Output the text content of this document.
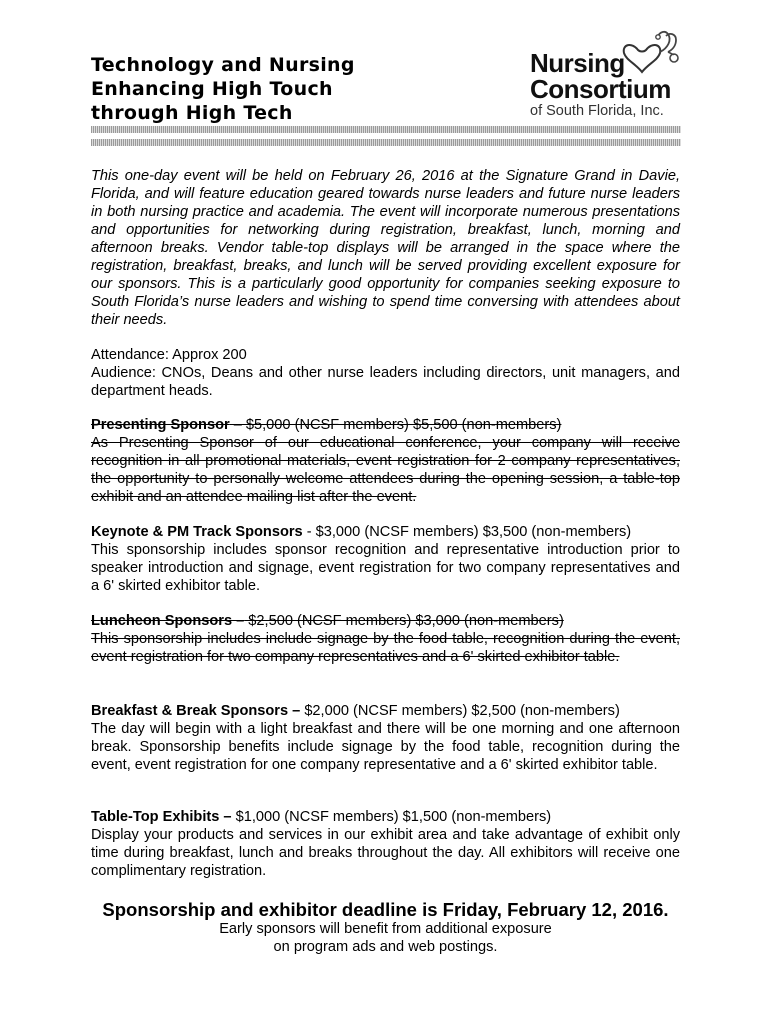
Technology and Nursing
Enhancing High Touch
through High Tech
Nursing
Consortium
of South Florida, Inc.

This one-day event will be held on February 26, 2016 at the Signature Grand in Davie, Florida, and will feature education geared towards nurse leaders and future nurse leaders in both nursing practice and academia. The event will incorporate numerous presentations and opportunities for networking during registration, breakfast, lunch, morning and afternoon breaks. Vendor table-top displays will be arranged in the space where the registration, breakfast, breaks, and lunch will be served providing excellent exposure for our sponsors. This is a particularly good opportunity for companies seeking exposure to South Florida’s nurse leaders and wishing to spend time conversing with attendees about their needs.

Attendance: Approx 200
Audience: CNOs, Deans and other nurse leaders including directors, unit managers, and department heads.

Presenting Sponsor – $5,000 (NCSF members) $5,500 (non-members)
As Presenting Sponsor of our educational conference, your company will receive recognition in all promotional materials, event registration for 2 company representatives, the opportunity to personally welcome attendees during the opening session, a table-top exhibit and an attendee mailing list after the event.

Keynote & PM Track Sponsors - $3,000 (NCSF members) $3,500 (non-members)
This sponsorship includes sponsor recognition and representative introduction prior to speaker introduction and signage, event registration for two company representatives and a 6' skirted exhibitor table.

Luncheon Sponsors – $2,500 (NCSF members) $3,000 (non-members)
This sponsorship includes include signage by the food table, recognition during the event, event registration for two company representatives and a 6' skirted exhibitor table.

Breakfast & Break Sponsors – $2,000 (NCSF members) $2,500 (non-members)
The day will begin with a light breakfast and there will be one morning and one afternoon break. Sponsorship benefits include signage by the food table, recognition during the event, event registration for one company representative and a 6' skirted exhibitor table.

Table-Top Exhibits – $1,000 (NCSF members) $1,500 (non-members)
Display your products and services in our exhibit area and take advantage of exhibit only time during breakfast, lunch and breaks throughout the day. All exhibitors will receive one complimentary registration.

Sponsorship and exhibitor deadline is Friday, February 12, 2016.
Early sponsors will benefit from additional exposure
on program ads and web postings.
